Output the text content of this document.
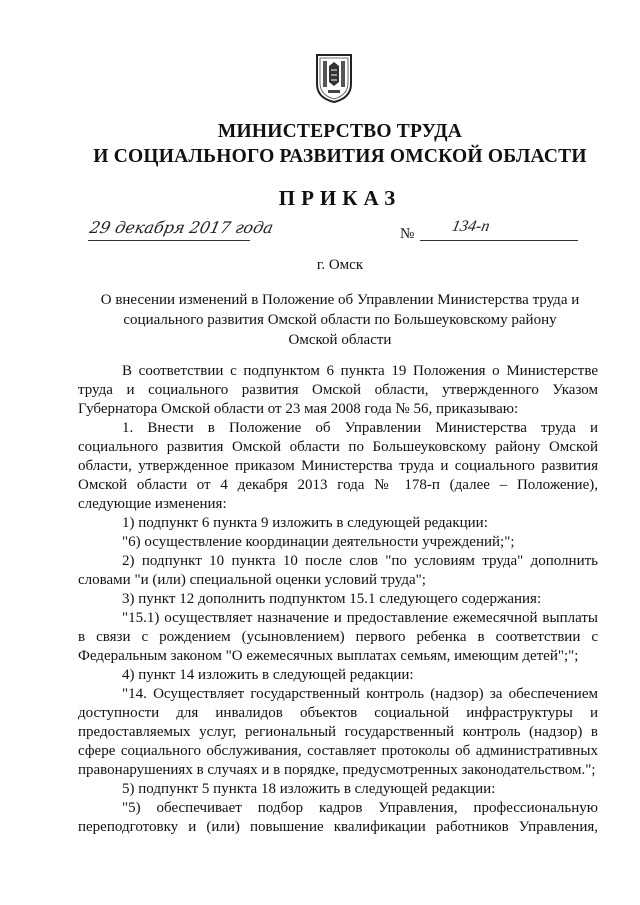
МИНИСТЕРСТВО ТРУДА
И СОЦИАЛЬНОГО РАЗВИТИЯ ОМСКОЙ ОБЛАСТИ
ПРИКАЗ
29 декабря 2017 года	№ 134-п
г. Омск
О внесении изменений в Положение об Управлении Министерства труда и
социального развития Омской области по Большеуковскому району
Омской области

В соответствии с подпунктом 6 пункта 19 Положения о Министерстве труда и социального развития Омской области, утвержденного Указом Губернатора Омской области от 23 мая 2008 года № 56, приказываю:

1. Внести в Положение об Управлении Министерства труда и социального развития Омской области по Большеуковскому району Омской области, утвержденное приказом Министерства труда и социального развития Омской области от 4 декабря 2013 года № 178-п (далее – Положение), следующие изменения:

1) подпункт 6 пункта 9 изложить в следующей редакции:

"6) осуществление координации деятельности учреждений;";

2) подпункт 10 пункта 10 после слов "по условиям труда" дополнить словами "и (или) специальной оценки условий труда";

3) пункт 12 дополнить подпунктом 15.1 следующего содержания:

"15.1) осуществляет назначение и предоставление ежемесячной выплаты в связи с рождением (усыновлением) первого ребенка в соответствии с Федеральным законом "О ежемесячных выплатах семьям, имеющим детей";";

4) пункт 14 изложить в следующей редакции:

"14. Осуществляет государственный контроль (надзор) за обеспечением доступности для инвалидов объектов социальной инфраструктуры и предоставляемых услуг, региональный государственный контроль (надзор) в сфере социального обслуживания, составляет протоколы об административных правонарушениях в случаях и в порядке, предусмотренных законодательством.";

5) подпункт 5 пункта 18 изложить в следующей редакции:

"5) обеспечивает подбор кадров Управления, профессиональную переподготовку и (или) повышение квалификации работников Управления,
